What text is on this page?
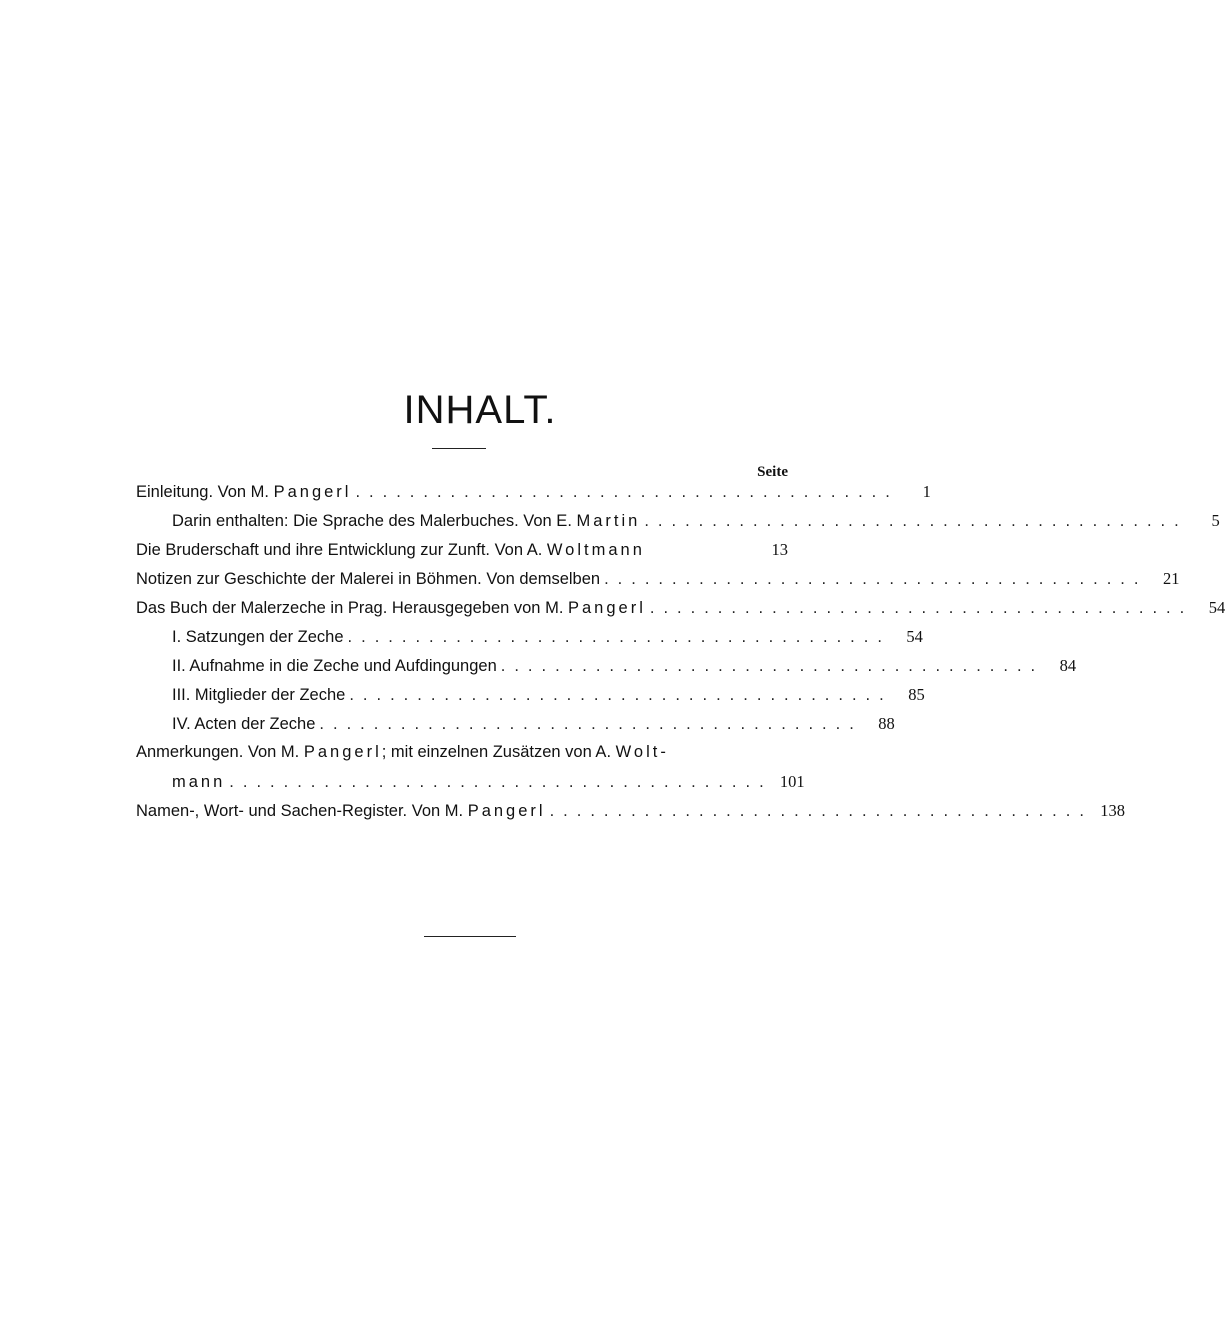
INHALT.
Seite
Einleitung. Von M. Pangerl ........................................	1
Darin enthalten: Die Sprache des Malerbuches. Von E. Martin ........................................	5
Die Bruderschaft und ihre Entwicklung zur Zunft. Von A. Woltmann	13
Notizen zur Geschichte der Malerei in Böhmen. Von demselben ........................................ 21
Das Buch der Malerzeche in Prag. Herausgegeben von M. Pangerl ........................................ 54
I. Satzungen der Zeche ........................................ 54
II. Aufnahme in die Zeche und Aufdingungen ........................................ 84
III. Mitglieder der Zeche ........................................ 85
IV. Acten der Zeche ........................................ 88
Anmerkungen. Von M. Pangerl; mit einzelnen Zusätzen von A. Wolt-
mann ........................................ 101
Namen-, Wort- und Sachen-Register. Von M. Pangerl ........................................ 138
